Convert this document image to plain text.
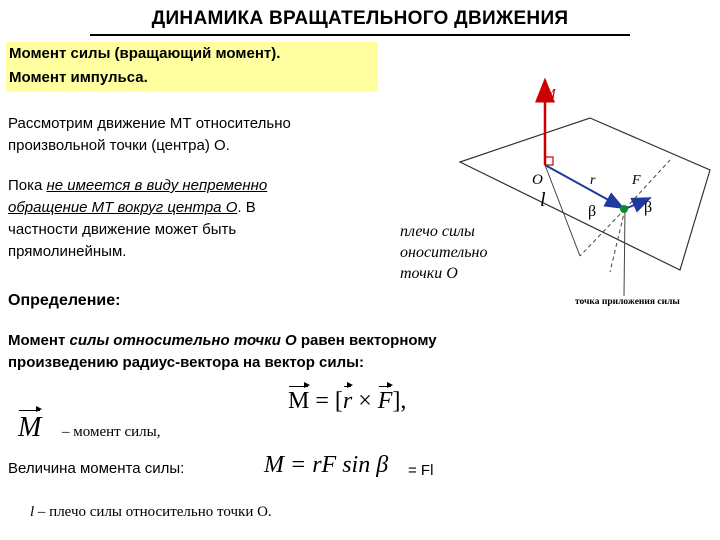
ДИНАМИКА ВРАЩАТЕЛЬНОГО ДВИЖЕНИЯ
Момент силы (вращающий момент).
Момент импульса.
Рассмотрим движение МТ относительно
произвольной точки (центра) О.
Пока не имеется в виду непременно
обращение МТ вокруг центра О. В
частности движение может быть
прямолинейным.
Определение:
Момент силы относительно точки О равен векторному
произведению радиус-вектора на вектор силы:
M = [r × F],
M – момент силы,
Величина момента силы:	M = rF sin β = Fl
l – плечо силы относительно точки О.
M
O	r	F
β	β
l
плечо силы
оносительно
точки O
точка приложения силы
